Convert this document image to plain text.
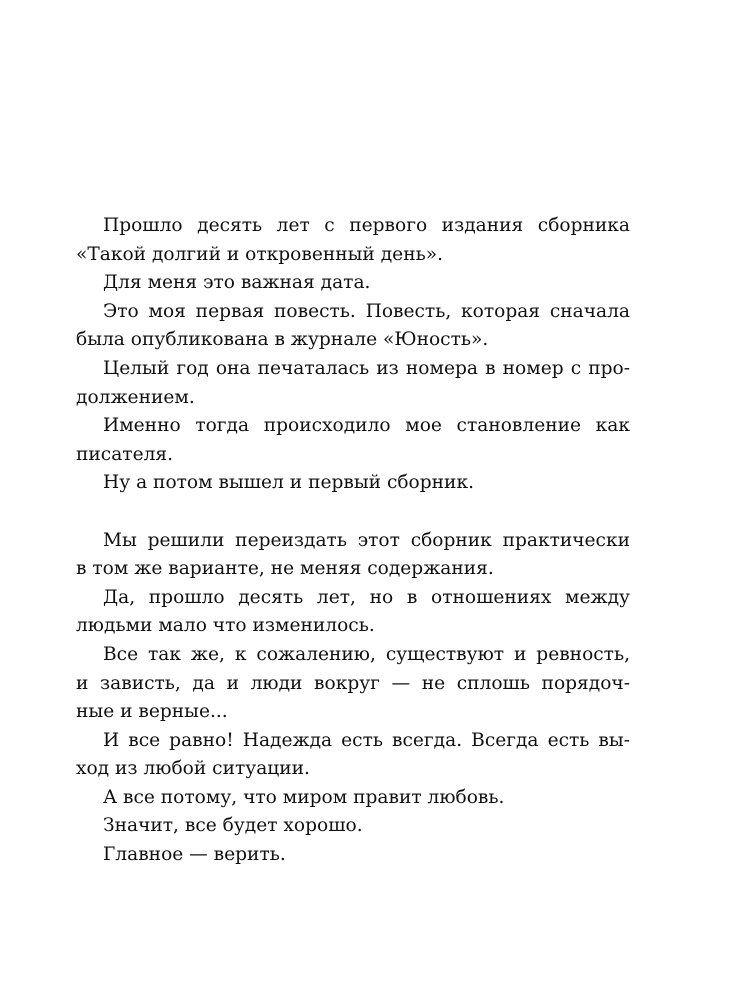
Прошло десять лет с первого издания сборника
«Такой долгий и откровенный день».
Для меня это важная дата.
Это моя первая повесть. Повесть, которая сначала
была опубликована в журнале «Юность».
Целый год она печаталась из номера в номер с про-
должением.
Именно тогда происходило мое становление как
писателя.
Ну а потом вышел и первый сборник.
Мы решили переиздать этот сборник практически
в том же варианте, не меняя содержания.
Да, прошло десять лет, но в отношениях между
людьми мало что изменилось.
Все так же, к сожалению, существуют и ревность,
и зависть, да и люди вокруг — не сплошь порядоч-
ные и верные...
И все равно! Надежда есть всегда. Всегда есть вы-
ход из любой ситуации.
А все потому, что миром правит любовь.
Значит, все будет хорошо.
Главное — верить.
